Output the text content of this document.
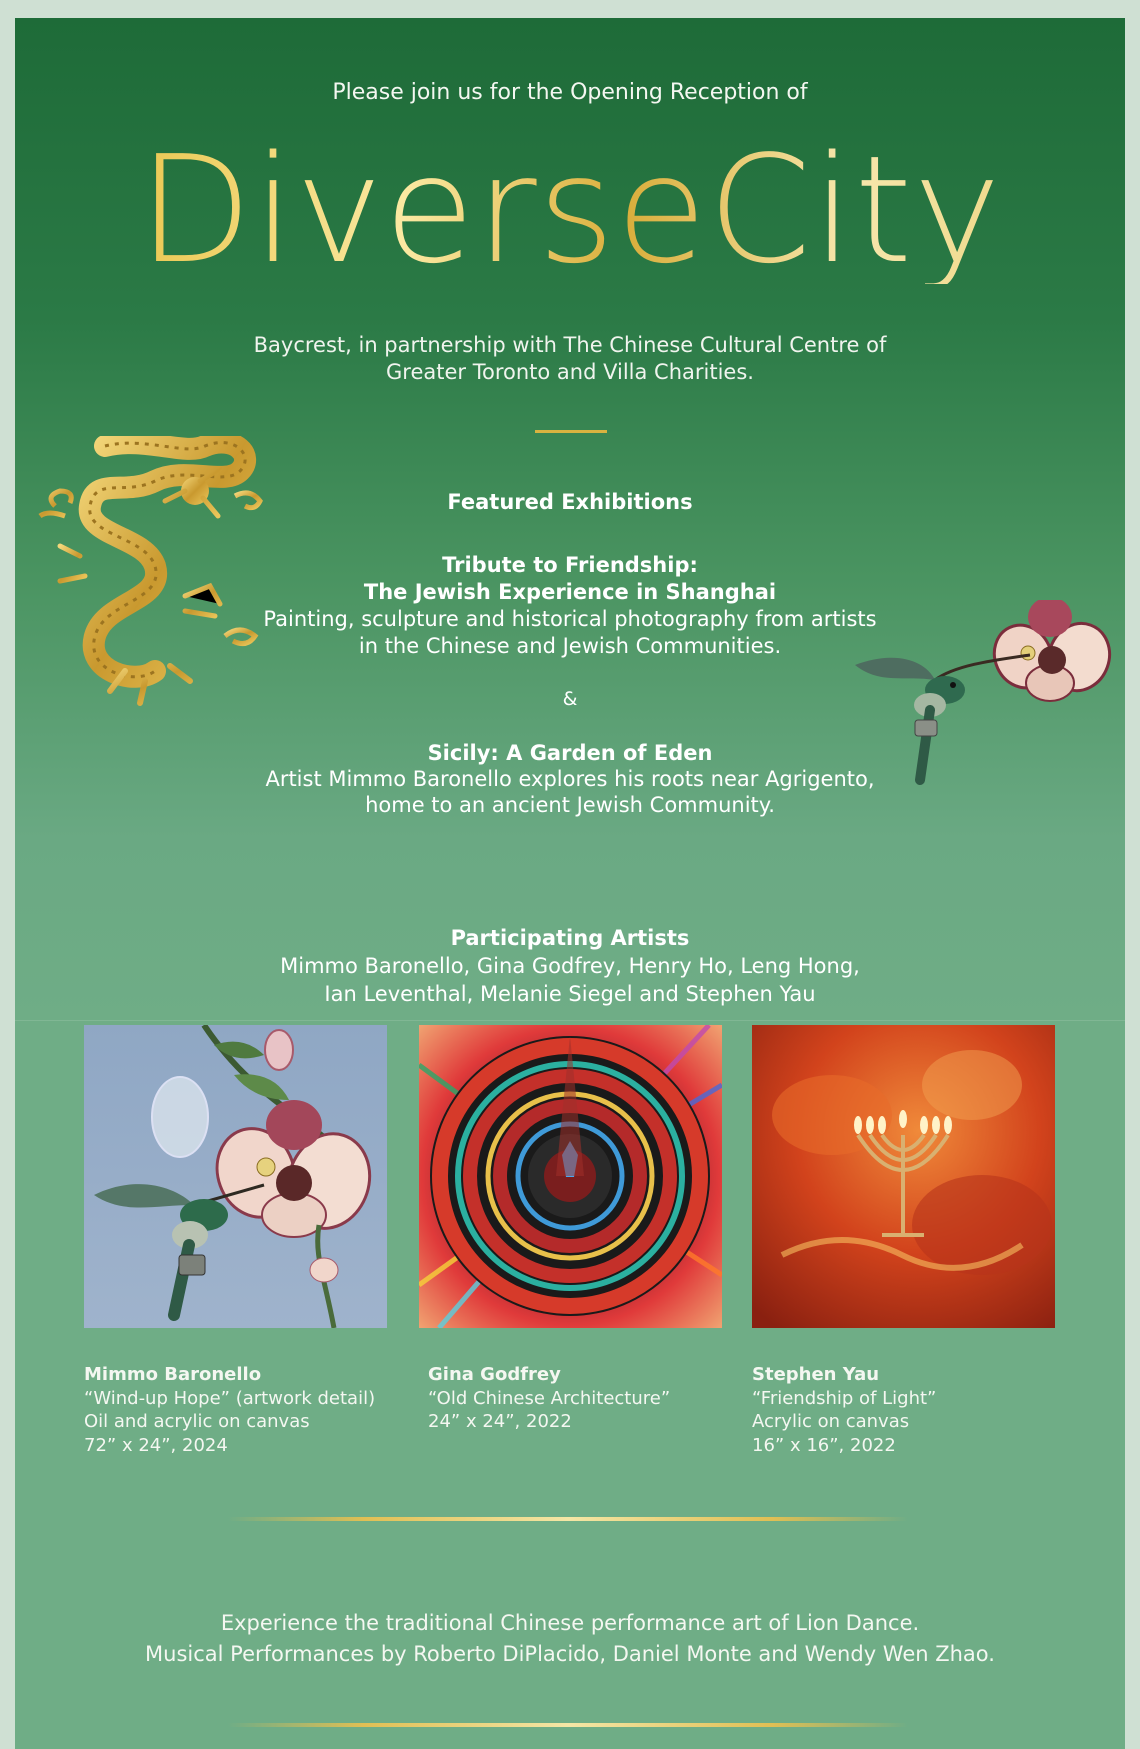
Please join us for the Opening Reception of
DiverseCity
Baycrest, in partnership with The Chinese Cultural Centre of
Greater Toronto and Villa Charities.
Featured Exhibitions
Tribute to Friendship:
The Jewish Experience in Shanghai
Painting, sculpture and historical photography from artists
in the Chinese and Jewish Communities.
&
Sicily: A Garden of Eden
Artist Mimmo Baronello explores his roots near Agrigento,
home to an ancient Jewish Community.
Participating Artists
Mimmo Baronello, Gina Godfrey, Henry Ho, Leng Hong,
Ian Leventhal, Melanie Siegel and Stephen Yau
Mimmo Baronello
“Wind-up Hope” (artwork detail)
Oil and acrylic on canvas
72” x 24”, 2024
Gina Godfrey
“Old Chinese Architecture”
24” x 24”, 2022
Stephen Yau
“Friendship of Light”
Acrylic on canvas
16” x 16”, 2022
Experience the traditional Chinese performance art of Lion Dance.
Musical Performances by Roberto DiPlacido, Daniel Monte and Wendy Wen Zhao.
